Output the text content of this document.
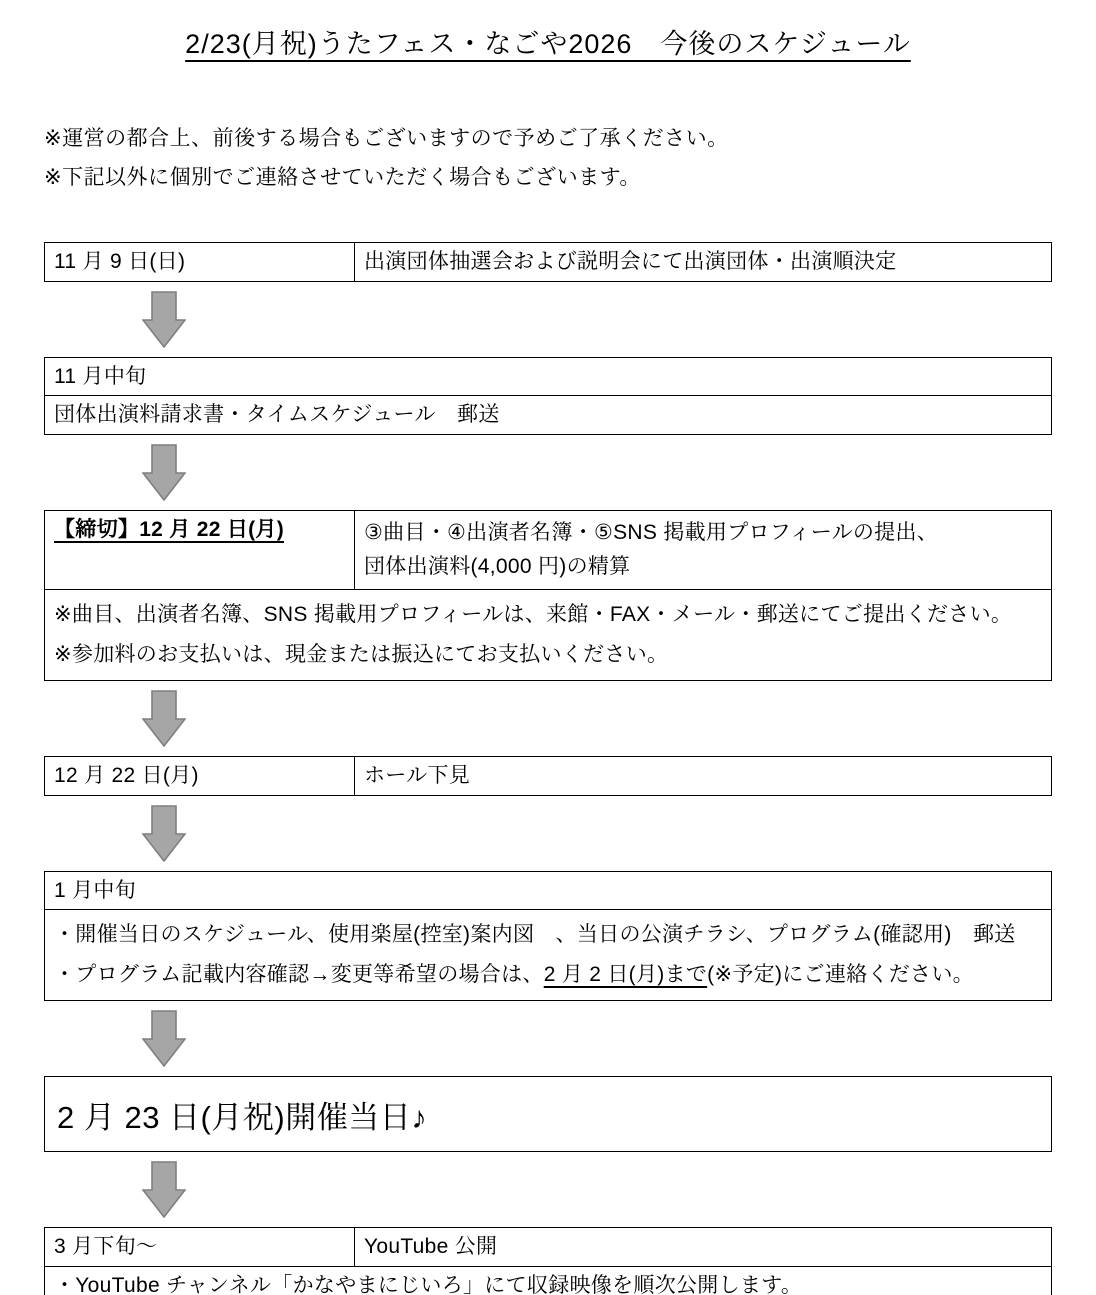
2/23(月祝)うたフェス・なごや2026　今後のスケジュール

※運営の都合上、前後する場合もございますので予めご了承ください。

※下記以外に個別でご連絡させていただく場合もございます。

11 月 9 日(日)	出演団体抽選会および説明会にて出演団体・出演順決定
11 月中旬
団体出演料請求書・タイムスケジュール　郵送
【締切】12 月 22 日(月)	③曲目・④出演者名簿・⑤SNS 掲載用プロフィールの提出、

団体出演料(4,000 円)の精算

※曲目、出演者名簿、SNS 掲載用プロフィールは、来館・FAX・メール・郵送にてご提出ください。

※参加料のお支払いは、現金または振込にてお支払いください。

12 月 22 日(月)	ホール下見
1 月中旬

・開催当日のスケジュール、使用楽屋(控室)案内図　、当日の公演チラシ、プログラム(確認用)　郵送

・プログラム記載内容確認→変更等希望の場合は、2 月 2 日(月)まで(※予定)にご連絡ください。

2 月 23 日(月祝)開催当日♪
3 月下旬～	YouTube 公開
・YouTube チャンネル「かなやまにじいろ」にて収録映像を順次公開します。
